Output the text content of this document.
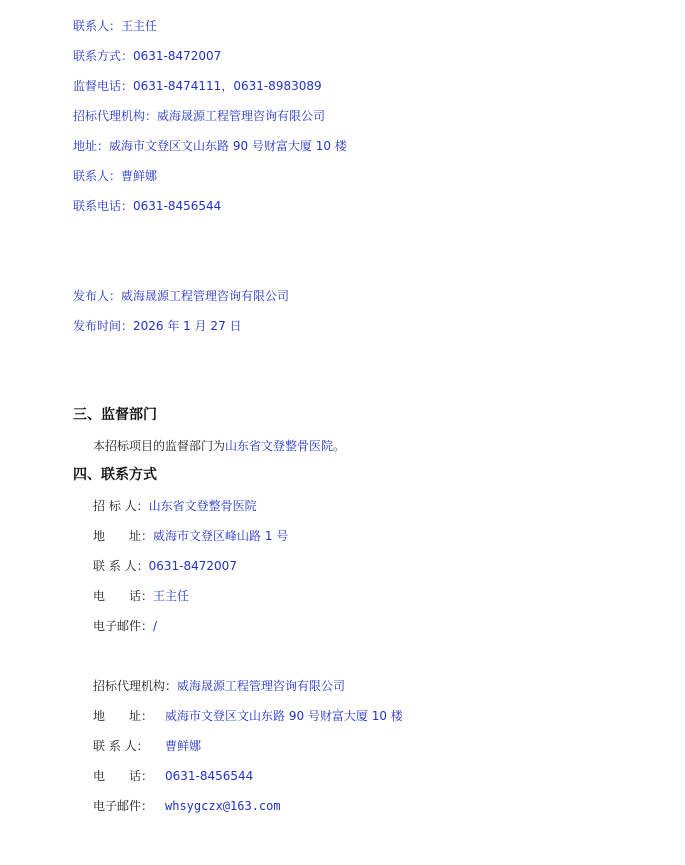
联系人：王主任
联系方式：0631-8472007
监督电话：0631-8474111，0631-8983089
招标代理机构：威海晟源工程管理咨询有限公司
地址：威海市文登区文山东路 90 号财富大厦 10 楼
联系人：曹鲜娜
联系电话：0631-8456544
发布人：威海晟源工程管理咨询有限公司
发布时间：2026 年 1 月 27 日
三、监督部门
本招标项目的监督部门为山东省文登整骨医院。
四、联系方式
招 标 人：山东省文登整骨医院
地　　址：威海市文登区峰山路 1 号
联 系 人：0631-8472007
电　　话：王主任
电子邮件：/
招标代理机构：威海晟源工程管理咨询有限公司
地　　址： 威海市文登区文山东路 90 号财富大厦 10 楼
联 系 人： 曹鲜娜
电　　话： 0631-8456544
电子邮件： whsygczx@163.com
